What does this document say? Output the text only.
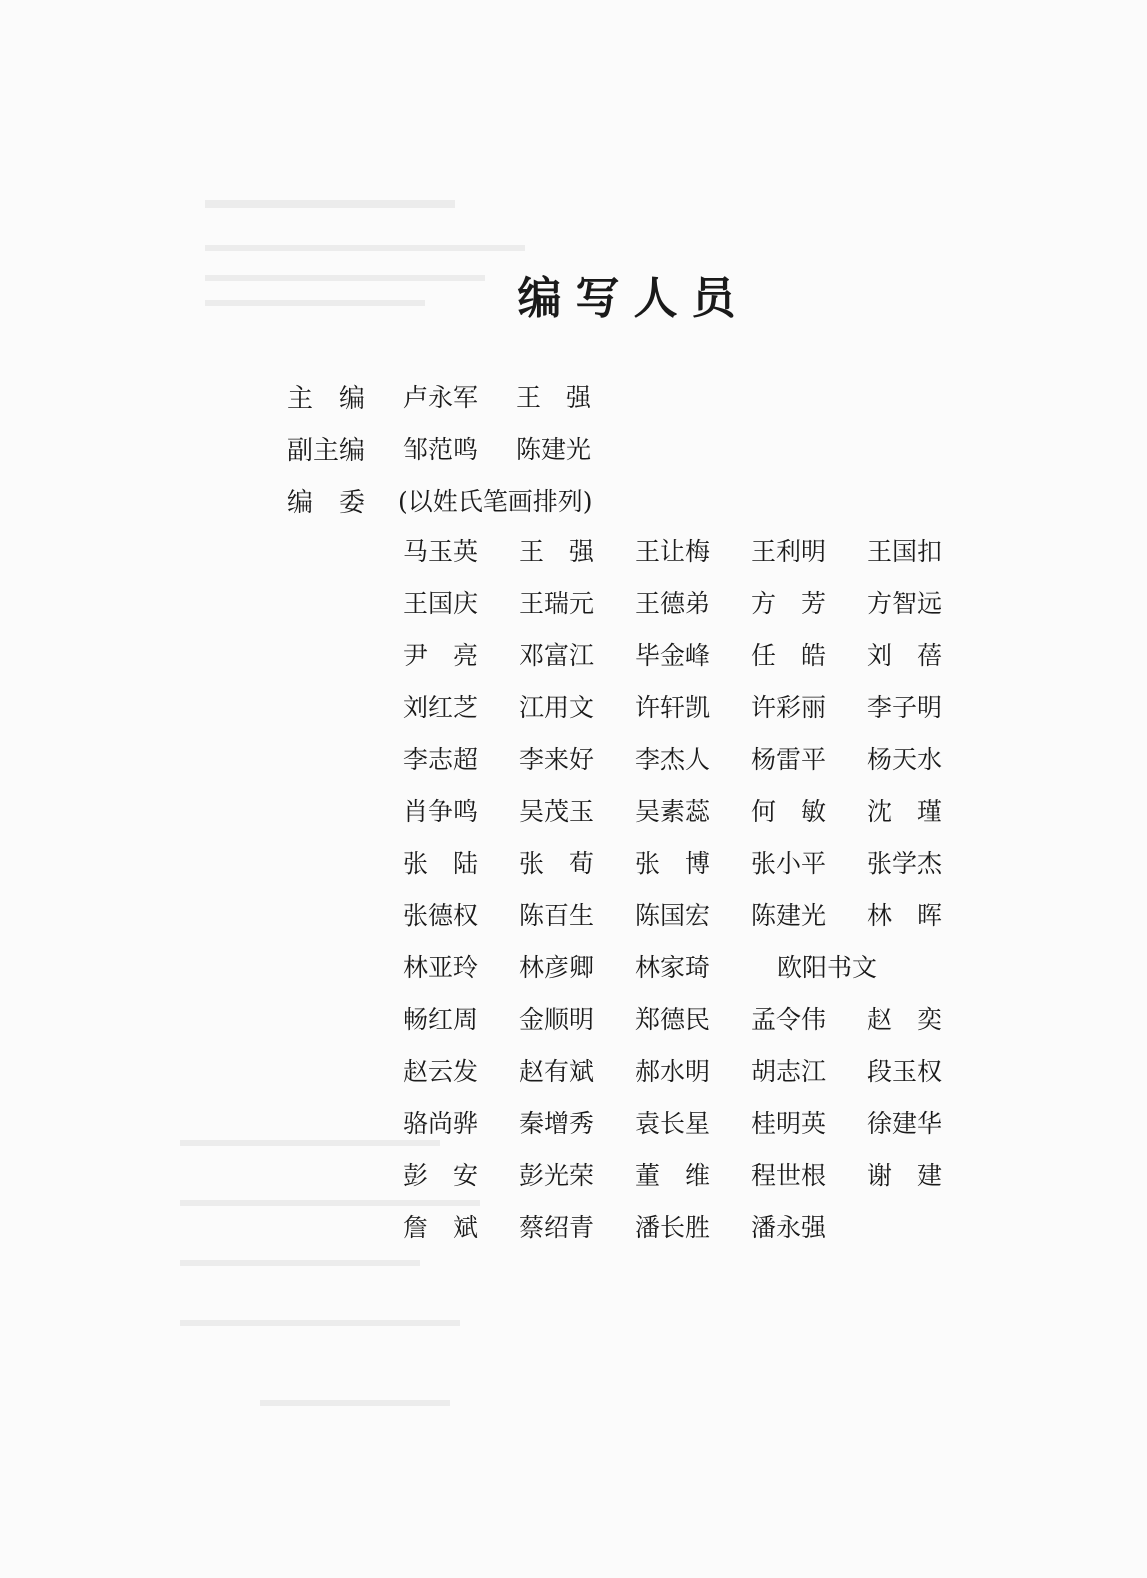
编写人员
主　编 卢永军 王　强
副主编 邹范鸣 陈建光
编　委 (以姓氏笔画排列)
马玉英	王　强	王让梅	王利明	王国扣
王国庆	王瑞元	王德弟	方　芳	方智远
尹　亮	邓富江	毕金峰	任　皓	刘　蓓
刘红芝	江用文	许轩凯	许彩丽	李子明
李志超	李来好	李杰人	杨雷平	杨天水
肖争鸣	吴茂玉	吴素蕊	何　敏	沈　瑾
张　陆	张　荀	张　博	张小平	张学杰
张德权	陈百生	陈国宏	陈建光	林　晖
林亚玲	林彦卿	林家琦	欧阳书文
畅红周	金顺明	郑德民	孟令伟	赵　奕
赵云发	赵有斌	郝水明	胡志江	段玉权
骆尚骅	秦增秀	袁长星	桂明英	徐建华
彭　安	彭光荣	董　维	程世根	谢　建
詹　斌	蔡绍青	潘长胜	潘永强
